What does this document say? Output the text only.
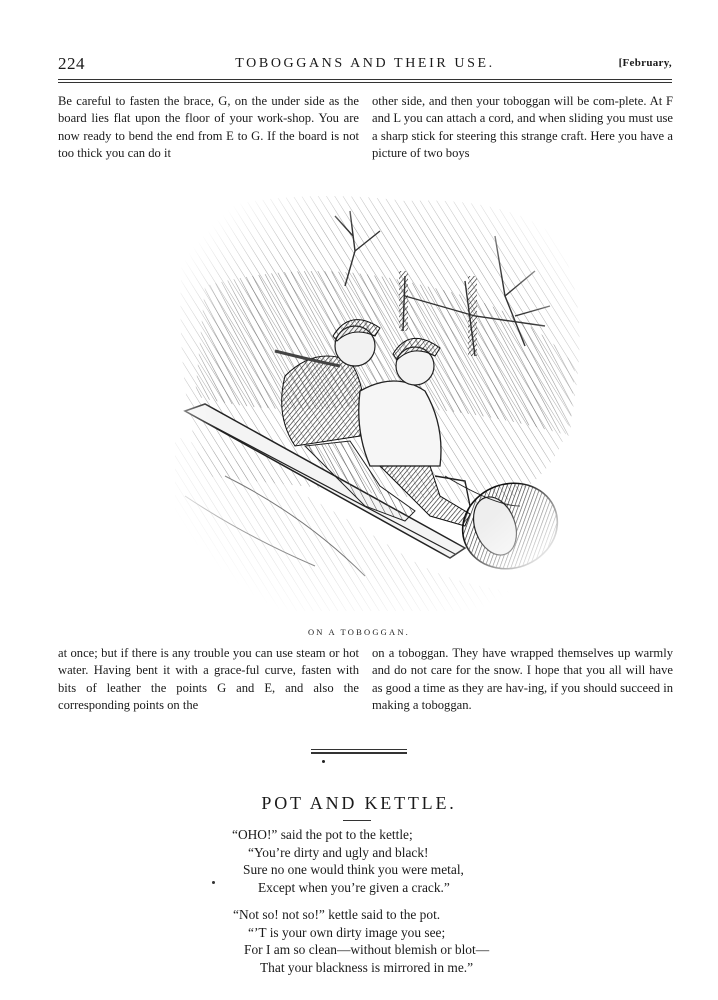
224	TOBOGGANS AND THEIR USE.	[February,

Be careful to fasten the brace, G, on the under side as the board lies flat upon the floor of your work-shop. You are now ready to bend the end from E to G. If the board is not too thick you can do it

other side, and then your toboggan will be com-plete. At F and L you can attach a cord, and when sliding you must use a sharp stick for steering this strange craft. Here you have a picture of two boys

ON A TOBOGGAN.

at once; but if there is any trouble you can use steam or hot water. Having bent it with a grace-ful curve, fasten with bits of leather the points G and E, and also the corresponding points on the

on a toboggan. They have wrapped themselves up warmly and do not care for the snow. I hope that you all will have as good a time as they are hav-ing, if you should succeed in making a toboggan.

POT AND KETTLE.
“OHO!” said the pot to the kettle;
“You’re dirty and ugly and black!
Sure no one would think you were metal,
Except when you’re given a crack.”
“Not so! not so!” kettle said to the pot.
“’T is your own dirty image you see;
For I am so clean—without blemish or blot—
That your blackness is mirrored in me.”
